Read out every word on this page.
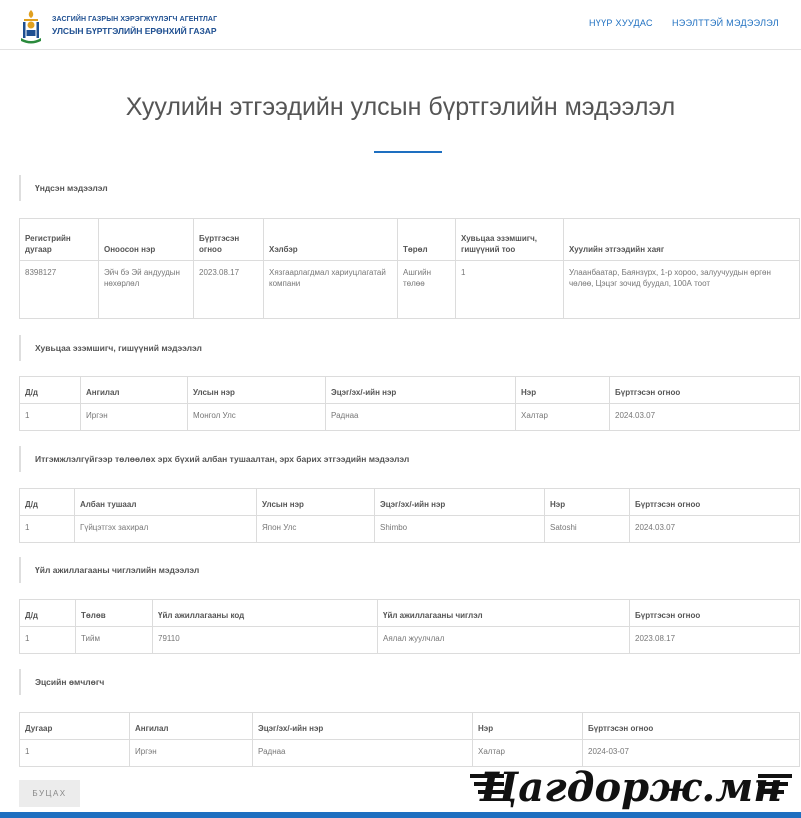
ЗАСГИЙН ГАЗРЫН ХЭРЭГЖҮҮЛЭГЧ АГЕНТЛАГ
УЛСЫН БҮРТГЭЛИЙН ЕРӨНХИЙ ГАЗАР
НҮҮР ХУУДАС НЭЭЛТТЭЙ МЭДЭЭЛЭЛ
Хуулийн этгээдийн улсын бүртгэлийн мэдээлэл
Үндсэн мэдээлэл
Регистрийн дугаар	Оноосон нэр	Бүртгэсэн огноо	Хэлбэр	Төрөл	Хувьцаа эзэмшигч, гишүүний тоо	Хуулийн этгээдийн хаяг
8398127	Эйч бэ Эй андуудын нөхөрлөл	2023.08.17	Хязгаарлагдмал хариуцлагатай компани	Ашгийн төлөө	1	Улаанбаатар, Баянзүрх, 1-р хороо, залуучуудын өргөн чөлөө, Цэцэг зочид буудал, 100А тоот
Хувьцаа эзэмшигч, гишүүний мэдээлэл
Д/д	Ангилал	Улсын нэр	Эцэг/эх/-ийн нэр	Нэр	Бүртгэсэн огноо
1	Иргэн	Монгол Улс	Раднаа	Халтар	2024.03.07
Итгэмжлэлгүйгээр төлөөлөх эрх бүхий албан тушаалтан, эрх барих этгээдийн мэдээлэл
Д/д	Албан тушаал	Улсын нэр	Эцэг/эх/-ийн нэр	Нэр	Бүртгэсэн огноо
1	Гүйцэтгэх захирал	Япон Улс	Shimbo	Satoshi	2024.03.07
Үйл ажиллагааны чиглэлийн мэдээлэл
Д/д	Төлөв	Үйл ажиллагааны код	Үйл ажиллагааны чиглэл	Бүртгэсэн огноо
1	Тийм	79110	Аялал жуулчлал	2023.08.17
Эцсийн өмчлөгч
Дугаар	Ангилал	Эцэг/эх/-ийн нэр	Нэр	Бүртгэсэн огноо
1	Иргэн	Раднаа	Халтар	2024-03-07
БУЦАХ	Цагдорж.мн
